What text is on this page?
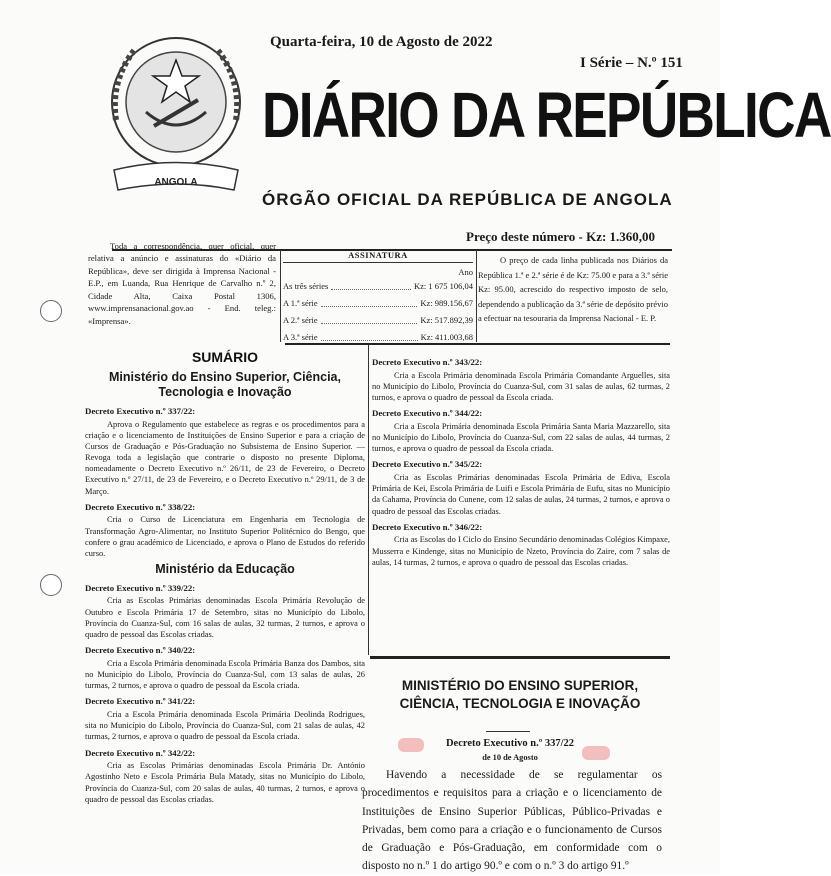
ANGOLA
Quarta-feira, 10 de Agosto de 2022
I Série – N.º 151
DIÁRIO DA REPÚBLICA
ÓRGÃO OFICIAL DA REPÚBLICA DE ANGOLA
Preço deste número - Kz: 1.360,00
Toda a correspondência, quer oficial, quer relativa a anúncio e assinaturas do «Diário da República», deve ser dirigida à Imprensa Nacional - E.P., em Luanda, Rua Henrique de Carvalho n.º 2, Cidade Alta, Caixa Postal 1306, www.imprensanacional.gov.ao - End. teleg.: «Imprensa».
ASSINATURA
Ano
As três séries	Kz: 1 675 106,04
A 1.ª série	Kz: 989.156,67
A 2.ª série	Kz: 517.892,39
A 3.ª série	Kz: 411.003,68
O preço de cada linha publicada nos Diários da República 1.ª e 2.ª série é de Kz: 75.00 e para a 3.ª série Kz: 95.00, acrescido do respectivo imposto de selo, dependendo a publicação da 3.ª série de depósito prévio a efectuar na tesouraria da Imprensa Nacional - E. P.
SUMÁRIO
Ministério do Ensino Superior, Ciência, Tecnologia e Inovação
Decreto Executivo n.º 337/22:
Aprova o Regulamento que estabelece as regras e os procedimentos para a criação e o licenciamento de Instituições de Ensino Superior e para a criação de Cursos de Graduação e Pós-Graduação no Subsistema de Ensino Superior. — Revoga toda a legislação que contrarie o disposto no presente Diploma, nomeadamente o Decreto Executivo n.º 26/11, de 23 de Fevereiro, o Decreto Executivo n.º 27/11, de 23 de Fevereiro, e o Decreto Executivo n.º 29/11, de 3 de Março.
Decreto Executivo n.º 338/22:
Cria o Curso de Licenciatura em Engenharia em Tecnologia de Transformação Agro-Alimentar, no Instituto Superior Politécnico do Bengo, que confere o grau académico de Licenciado, e aprova o Plano de Estudos do referido curso.
Ministério da Educação
Decreto Executivo n.º 339/22:
Cria as Escolas Primárias denominadas Escola Primária Revolução de Outubro e Escola Primária 17 de Setembro, sitas no Município do Libolo, Província do Cuanza-Sul, com 16 salas de aulas, 32 turmas, 2 turnos, e aprova o quadro de pessoal das Escolas criadas.
Decreto Executivo n.º 340/22:
Cria a Escola Primária denominada Escola Primária Banza dos Dambos, sita no Município do Libolo, Província do Cuanza-Sul, com 13 salas de aulas, 26 turmas, 2 turnos, e aprova o quadro de pessoal da Escola criada.
Decreto Executivo n.º 341/22:
Cria a Escola Primária denominada Escola Primária Deolinda Rodrigues, sita no Município do Libolo, Província do Cuanza-Sul, com 21 salas de aulas, 42 turmas, 2 turnos, e aprova o quadro de pessoal da Escola criada.
Decreto Executivo n.º 342/22:
Cria as Escolas Primárias denominadas Escola Primária Dr. António Agostinho Neto e Escola Primária Bula Matady, sitas no Município do Libolo, Província do Cuanza-Sul, com 20 salas de aulas, 40 turmas, 2 turnos, e aprova o quadro de pessoal das Escolas criadas.
Decreto Executivo n.º 343/22:
Cria a Escola Primária denominada Escola Primária Comandante Arguelles, sita no Município do Libolo, Província do Cuanza-Sul, com 31 salas de aulas, 62 turmas, 2 turnos, e aprova o quadro de pessoal da Escola criada.
Decreto Executivo n.º 344/22:
Cria a Escola Primária denominada Escola Primária Santa Maria Mazzarello, sita no Município do Libolo, Província do Cuanza-Sul, com 22 salas de aulas, 44 turmas, 2 turnos, e aprova o quadro de pessoal da Escola criada.
Decreto Executivo n.º 345/22:
Cria as Escolas Primárias denominadas Escola Primária de Ediva, Escola Primária de Kei, Escola Primária de Luifi e Escola Primária de Eufu, sitas no Município da Cahama, Província do Cunene, com 12 salas de aulas, 24 turmas, 2 turnos, e aprova o quadro de pessoal das Escolas criadas.
Decreto Executivo n.º 346/22:
Cria as Escolas do I Ciclo do Ensino Secundário denominadas Colégios Kimpaxe, Musserra e Kindenge, sitas no Município de Nzeto, Província do Zaire, com 7 salas de aulas, 14 turmas, 2 turnos, e aprova o quadro de pessoal das Escolas criadas.
MINISTÉRIO DO ENSINO SUPERIOR, CIÊNCIA, TECNOLOGIA E INOVAÇÃO
Decreto Executivo n.º 337/22
de 10 de Agosto
Havendo a necessidade de se regulamentar os procedimentos e requisitos para a criação e o licenciamento de Instituições de Ensino Superior Públicas, Público-Privadas e Privadas, bem como para a criação e o funcionamento de Cursos de Graduação e Pós-Graduação, em conformidade com o disposto no n.º 1 do artigo 90.º e com o n.º 3 do artigo 91.º
